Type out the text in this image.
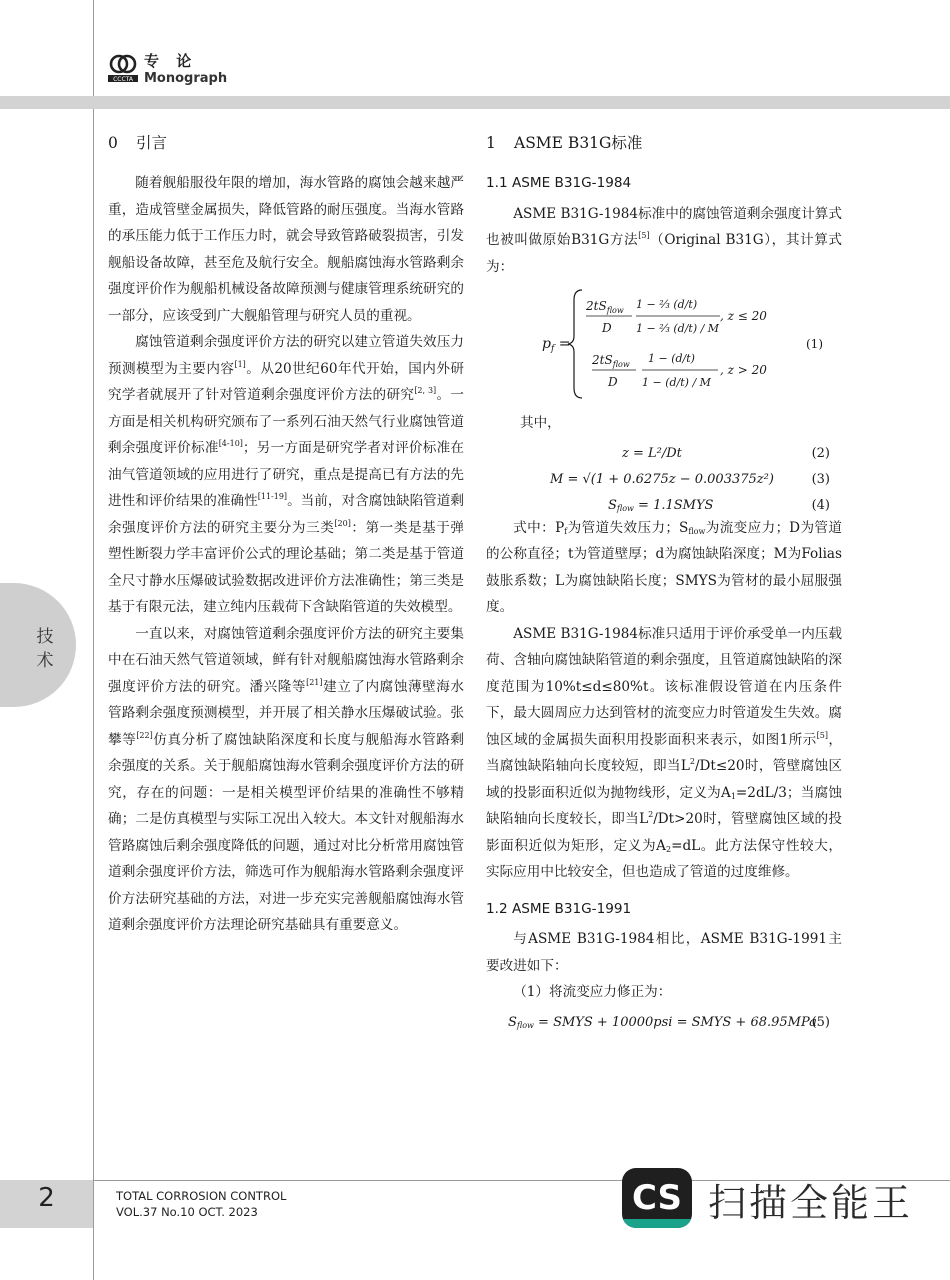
CCCTA
专 论
Monograph
技术
0 引言

随着舰船服役年限的增加，海水管路的腐蚀会越来越严重，造成管壁金属损失，降低管路的耐压强度。当海水管路的承压能力低于工作压力时，就会导致管路破裂损害，引发舰船设备故障，甚至危及航行安全。舰船腐蚀海水管路剩余强度评价作为舰船机械设备故障预测与健康管理系统研究的一部分，应该受到广大舰船管理与研究人员的重视。

腐蚀管道剩余强度评价方法的研究以建立管道失效压力预测模型为主要内容[1]。从20世纪60年代开始，国内外研究学者就展开了针对管道剩余强度评价方法的研究[2, 3]。一方面是相关机构研究颁布了一系列石油天然气行业腐蚀管道剩余强度评价标准[4-10]；另一方面是研究学者对评价标准在油气管道领域的应用进行了研究，重点是提高已有方法的先进性和评价结果的准确性[11-19]。当前，对含腐蚀缺陷管道剩余强度评价方法的研究主要分为三类[20]：第一类是基于弹塑性断裂力学丰富评价公式的理论基础；第二类是基于管道全尺寸静水压爆破试验数据改进评价方法准确性；第三类是基于有限元法，建立纯内压载荷下含缺陷管道的失效模型。

一直以来，对腐蚀管道剩余强度评价方法的研究主要集中在石油天然气管道领域，鲜有针对舰船腐蚀海水管路剩余强度评价方法的研究。潘兴隆等[21]建立了内腐蚀薄壁海水管路剩余强度预测模型，并开展了相关静水压爆破试验。张攀等[22]仿真分析了腐蚀缺陷深度和长度与舰船海水管路剩余强度的关系。关于舰船腐蚀海水管剩余强度评价方法的研究，存在的问题：一是相关模型评价结果的准确性不够精确；二是仿真模型与实际工况出入较大。本文针对舰船海水管路腐蚀后剩余强度降低的问题，通过对比分析常用腐蚀管道剩余强度评价方法，筛选可作为舰船海水管路剩余强度评价方法研究基础的方法，对进一步充实完善舰船腐蚀海水管道剩余强度评价方法理论研究基础具有重要意义。

1 ASME B31G标准
1.1 ASME B31G-1984

ASME B31G-1984标准中的腐蚀管道剩余强度计算式也被叫做原始B31G方法[5]（Original B31G），其计算式为：

$p_f$ =
$2tS_{flow}$
D
1 − ²⁄₃ (d/t)
1 − ²⁄₃ (d/t) / M
, z ≤ 20
$2tS_{flow}$
D
1 − (d/t)
1 − (d/t) / M
, z > 20
(1)

其中，

z = L²/Dt	(2)
M = √(1 + 0.6275z − 0.003375z²)	(3)
$S_{flow}$ = 1.1SMYS	(4)

式中：$P_f$为管道失效压力；$S_{flow}$为流变应力；D为管道的公称直径；t为管道壁厚；d为腐蚀缺陷深度；M为Folias鼓胀系数；L为腐蚀缺陷长度；SMYS为管材的最小屈服强度。

ASME B31G-1984标准只适用于评价承受单一内压载荷、含轴向腐蚀缺陷管道的剩余强度，且管道腐蚀缺陷的深度范围为10%t≤d≤80%t。该标准假设管道在内压条件下，最大圆周应力达到管材的流变应力时管道发生失效。腐蚀区域的金属损失面积用投影面积来表示，如图1所示[5]，当腐蚀缺陷轴向长度较短，即当$L^2/Dt\le 20$时，管壁腐蚀区域的投影面积近似为抛物线形，定义为$A_1=2dL/3$；当腐蚀缺陷轴向长度较长，即当$L^2/Dt>20$时，管壁腐蚀区域的投影面积近似为矩形，定义为$A_2=dL$。此方法保守性较大，实际应用中比较安全，但也造成了管道的过度维修。

1.2 ASME B31G-1991

与ASME B31G-1984相比，ASME B31G-1991主要改进如下：

（1）将流变应力修正为：

$S_{flow}$ = SMYS + 10000psi = SMYS + 68.95MPa
(5)
2	TOTAL CORROSION CONTROL
VOL.37 No.10 OCT. 2023	CS 扫描全能王
